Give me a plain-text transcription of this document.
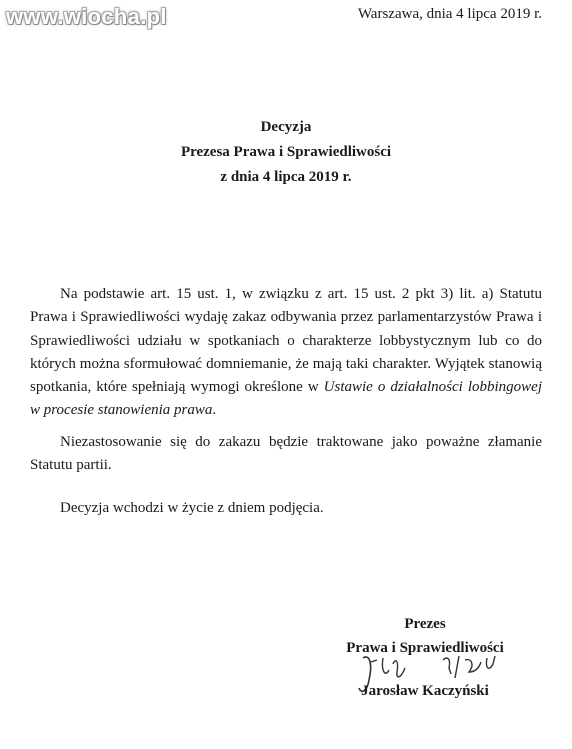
www.wiocha.pl	Warszawa, dnia 4 lipca 2019 r.
Decyzja
Prezesa Prawa i Sprawiedliwości
z dnia 4 lipca 2019 r.

Na podstawie art. 15 ust. 1, w związku z art. 15 ust. 2 pkt 3) lit. a) Statutu Prawa i Sprawiedliwości wydaję zakaz odbywania przez parlamentarzystów Prawa i Sprawiedliwości udziału w spotkaniach o charakterze lobbystycznym lub co do których można sformułować domniemanie, że mają taki charakter. Wyjątek stanowią spotkania, które spełniają wymogi określone w Ustawie o działalności lobbingowej w procesie stanowienia prawa.

Niezastosowanie się do zakazu będzie traktowane jako poważne złamanie Statutu partii.

Decyzja wchodzi w życie z dniem podjęcia.

Prezes
Prawa i Sprawiedliwości
Jarosław Kaczyński
